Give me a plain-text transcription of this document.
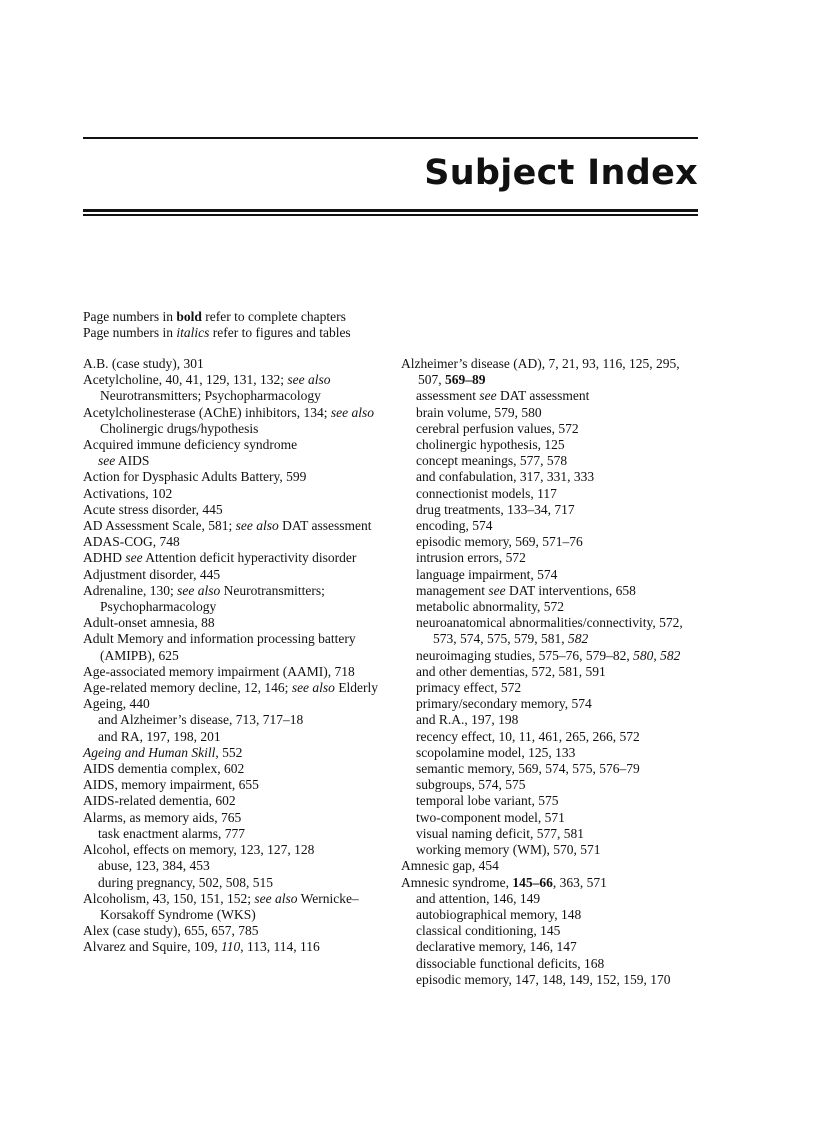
Subject Index
Page numbers in bold refer to complete chapters
Page numbers in italics refer to figures and tables
A.B. (case study), 301
Acetylcholine, 40, 41, 129, 131, 132; see also Neurotransmitters; Psychopharmacology
Acetylcholinesterase (AChE) inhibitors, 134; see also Cholinergic drugs/hypothesis
Acquired immune deficiency syndrome
see AIDS
Action for Dysphasic Adults Battery, 599
Activations, 102
Acute stress disorder, 445
AD Assessment Scale, 581; see also DAT assessment
ADAS-COG, 748
ADHD see Attention deficit hyperactivity disorder
Adjustment disorder, 445
Adrenaline, 130; see also Neurotransmitters; Psychopharmacology
Adult-onset amnesia, 88
Adult Memory and information processing battery (AMIPB), 625
Age-associated memory impairment (AAMI), 718
Age-related memory decline, 12, 146; see also Elderly
Ageing, 440
and Alzheimer’s disease, 713, 717–18
and RA, 197, 198, 201
Ageing and Human Skill, 552
AIDS dementia complex, 602
AIDS, memory impairment, 655
AIDS-related dementia, 602
Alarms, as memory aids, 765
task enactment alarms, 777
Alcohol, effects on memory, 123, 127, 128
abuse, 123, 384, 453
during pregnancy, 502, 508, 515
Alcoholism, 43, 150, 151, 152; see also Wernicke–Korsakoff Syndrome (WKS)
Alex (case study), 655, 657, 785
Alvarez and Squire, 109, 110, 113, 114, 116
Alzheimer’s disease (AD), 7, 21, 93, 116, 125, 295, 507, 569–89
assessment see DAT assessment
brain volume, 579, 580
cerebral perfusion values, 572
cholinergic hypothesis, 125
concept meanings, 577, 578
and confabulation, 317, 331, 333
connectionist models, 117
drug treatments, 133–34, 717
encoding, 574
episodic memory, 569, 571–76
intrusion errors, 572
language impairment, 574
management see DAT interventions, 658
metabolic abnormality, 572
neuroanatomical abnormalities/connectivity, 572, 573, 574, 575, 579, 581, 582
neuroimaging studies, 575–76, 579–82, 580, 582
and other dementias, 572, 581, 591
primacy effect, 572
primary/secondary memory, 574
and R.A., 197, 198
recency effect, 10, 11, 461, 265, 266, 572
scopolamine model, 125, 133
semantic memory, 569, 574, 575, 576–79
subgroups, 574, 575
temporal lobe variant, 575
two-component model, 571
visual naming deficit, 577, 581
working memory (WM), 570, 571
Amnesic gap, 454
Amnesic syndrome, 145–66, 363, 571
and attention, 146, 149
autobiographical memory, 148
classical conditioning, 145
declarative memory, 146, 147
dissociable functional deficits, 168
episodic memory, 147, 148, 149, 152, 159, 170
